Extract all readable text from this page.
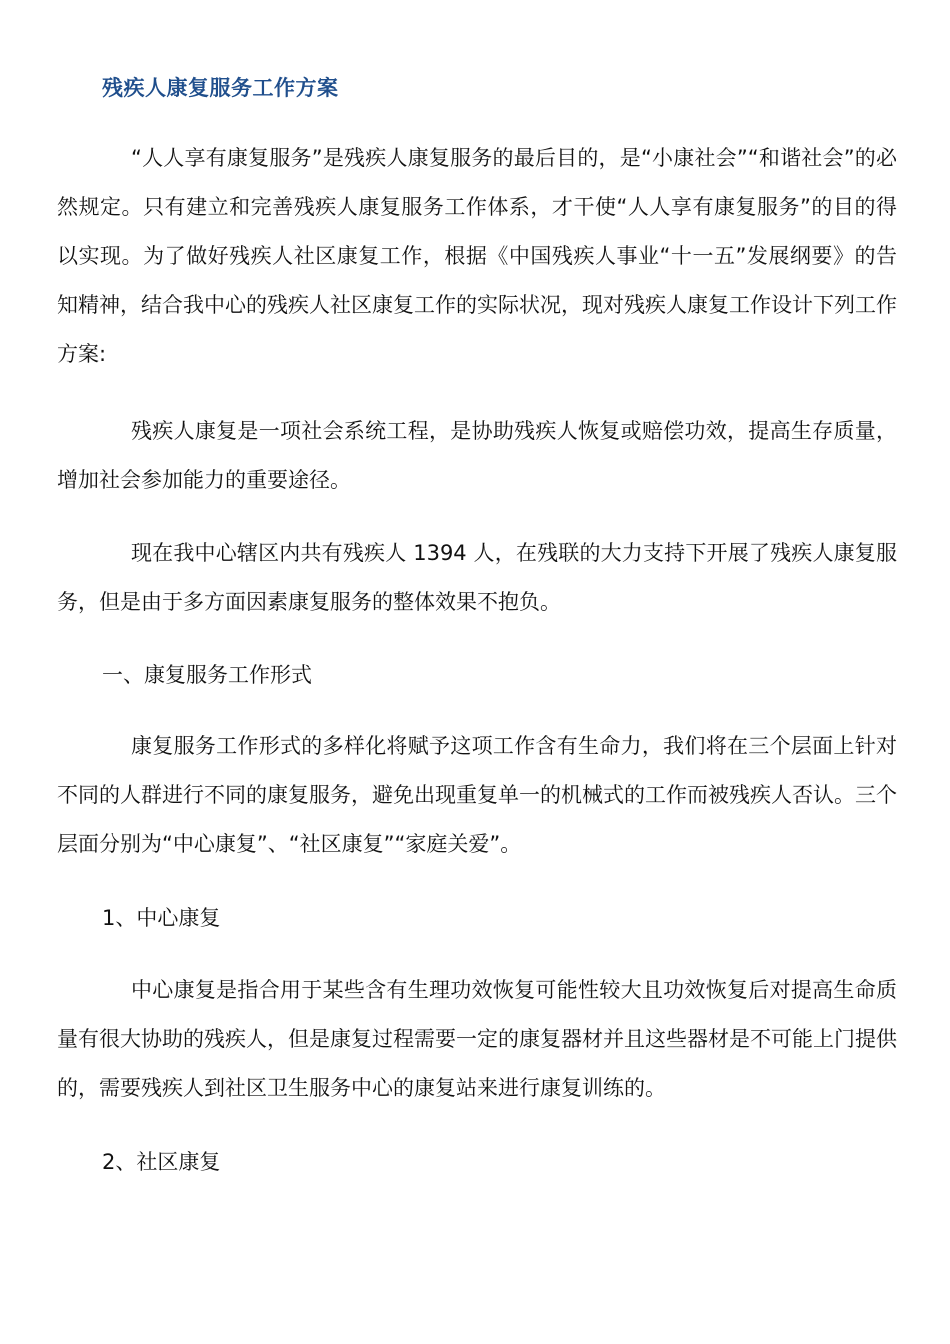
残疾人康复服务工作方案

“人人享有康复服务”是残疾人康复服务的最后目的，是“小康社会”“和谐社会”的必然规定。只有建立和完善残疾人康复服务工作体系，才干使“人人享有康复服务”的目的得以实现。为了做好残疾人社区康复工作，根据《中国残疾人事业“十一五”发展纲要》的告知精神，结合我中心的残疾人社区康复工作的实际状况，现对残疾人康复工作设计下列工作方案:

残疾人康复是一项社会系统工程，是协助残疾人恢复或赔偿功效，提高生存质量，增加社会参加能力的重要途径。

现在我中心辖区内共有残疾人 1394 人，在残联的大力支持下开展了残疾人康复服务，但是由于多方面因素康复服务的整体效果不抱负。

一、康复服务工作形式

康复服务工作形式的多样化将赋予这项工作含有生命力，我们将在三个层面上针对不同的人群进行不同的康复服务，避免出现重复单一的机械式的工作而被残疾人否认。三个层面分别为“中心康复”、“社区康复”“家庭关爱”。

1、中心康复

中心康复是指合用于某些含有生理功效恢复可能性较大且功效恢复后对提高生命质量有很大协助的残疾人，但是康复过程需要一定的康复器材并且这些器材是不可能上门提供的，需要残疾人到社区卫生服务中心的康复站来进行康复训练的。

2、社区康复
